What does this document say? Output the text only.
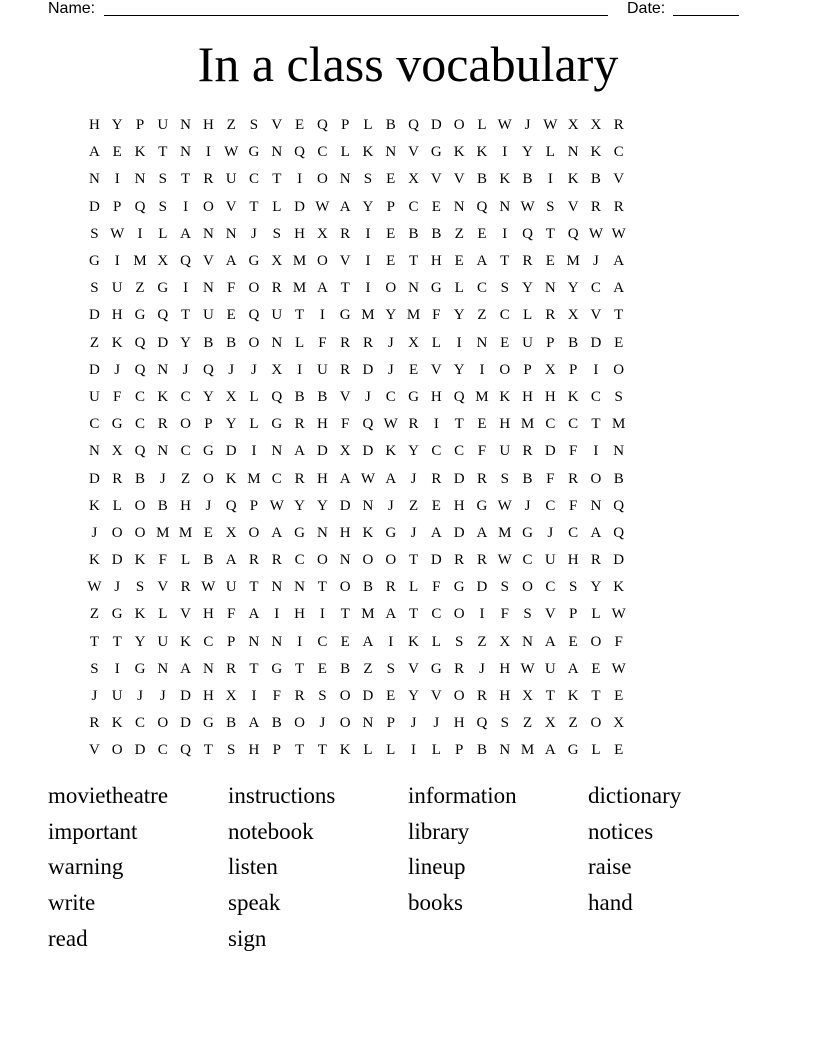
Name:	Date:
In a class vocabulary
H Y P U N H Z S V E Q P L B Q D O L W J W X X R
A E K T N I W G N Q C L K N V G K K I Y L N K C
N I N S T R U C T	I O N S E X V V B K B	I K B V
D P Q S	I O V T L D W A Y P C E N Q N W S V R R
S W I	L A N N J	S H X R	I	E B B Z E	I Q T Q W W
G I M X Q V A G X M O V I	E T H E A T R E M J A
S U Z G I N F O R M A T	I O N G L C S Y N Y C A
D H G Q T U E Q U T	I G M Y M F Y Z C L R X V T
Z K Q D Y B B O N L F R R J X L	I N E U P B D E
D J Q N J Q J	J X I U R D J	E V Y I O P X P	I O
U F C K C Y X L Q B B V J C G H Q M K H H K C S
C G C R O P Y L G R H F Q W R	I	T E H M C C T M
N X Q N C G D I N A D X D K Y C C F U R D F	I N
D R B J	Z O K M C R H A W A J R D R S B F R O B
K L O B H J Q P W Y Y D N J	Z E H G W J C F N Q
J O O M M E X O A G N H K G J A D A M G J C A Q
K D K F L B A R R C O N O O T D R R W C U H R D
W J	S V R W U T N N T O B R L F G D S O C S Y K
Z G K L V H F A I H I	T M A T C O I	F S V P L W
T T Y U K C P N N I	C E A I K L S Z X N A E O F
S	I G N A N R T G T E B Z S V G R J H W U A E W
J U J	J D H X I	F R S O D E Y V O R H X T K T E
R K C O D G B A B O J O N P	J	J H Q S Z X Z O X
V O D C Q T S H P T T K L L	I	L P B N M A G L E
movietheatre	instructions	information	dictionary
important	notebook	library	notices
warning	listen	lineup	raise
write	speak	books	hand
read	sign
